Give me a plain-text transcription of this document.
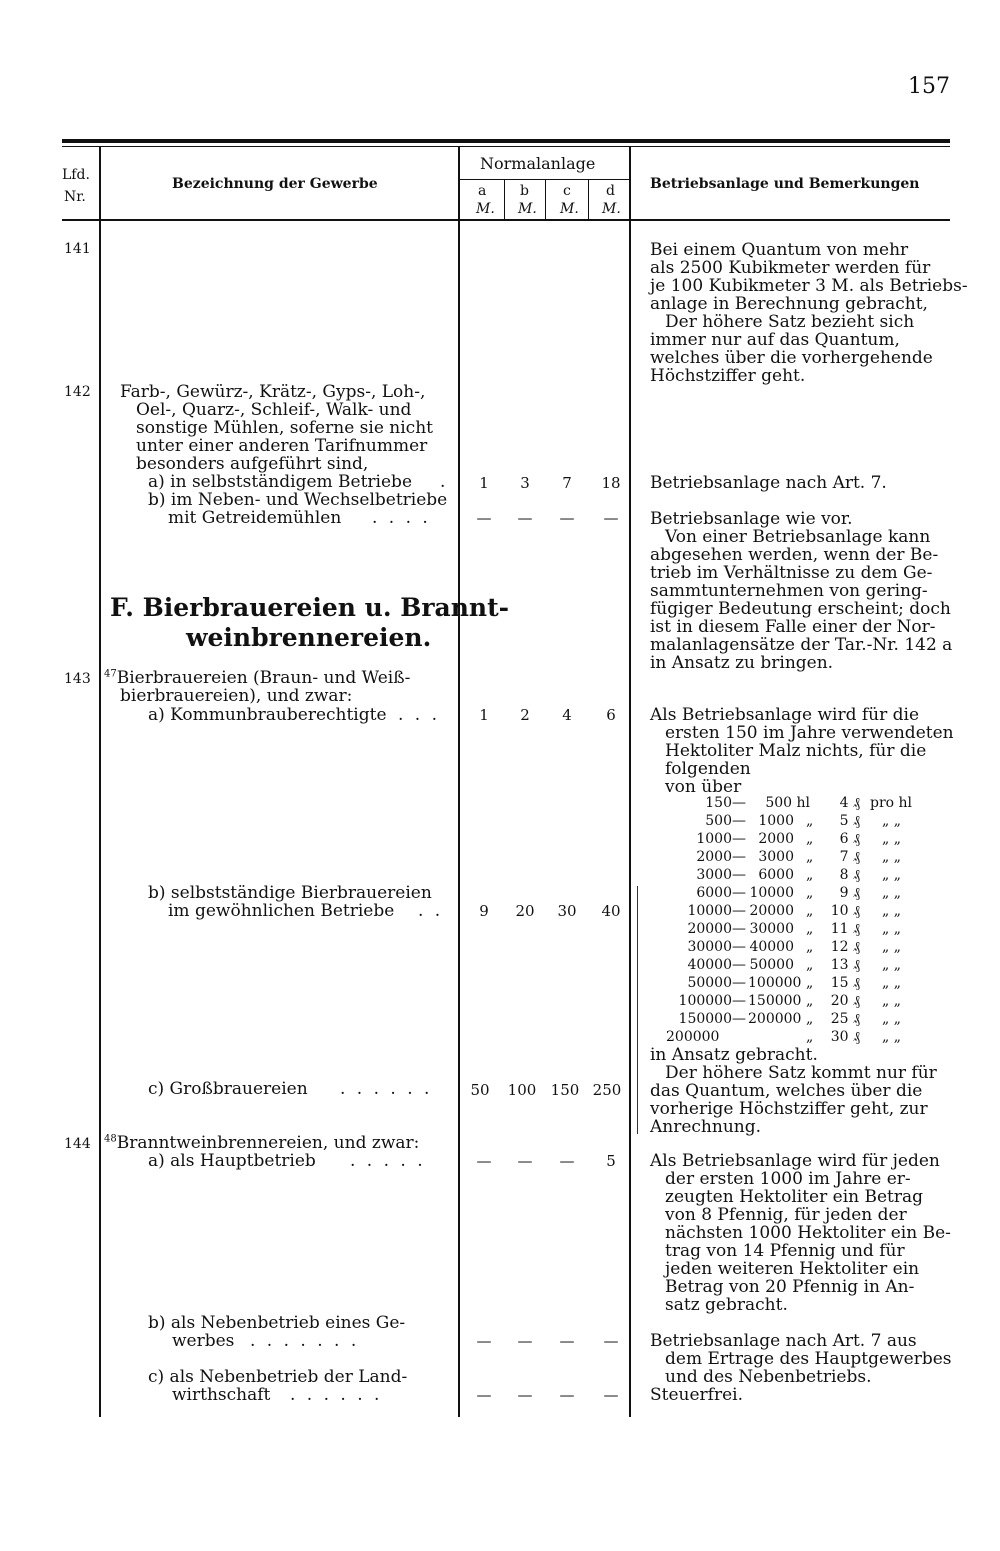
157
Lfd.
Nr.
Bezeichnung der Gewerbe
Normalanlage
a b c	d
M. M. M. M.
Betriebsanlage und Bemerkungen
141	Bei einem Quantum von mehr
als 2500 Kubikmeter werden für
je 100 Kubikmeter 3 M. als Betriebs-
anlage in Berechnung gebracht,
Der höhere Satz bezieht sich
immer nur auf das Quantum,
welches über die vorhergehende
Höchstziffer geht.
142 Farb-, Gewürz-, Krätz-, Gyps-, Loh-,
Oel-, Quarz-, Schleif-, Walk- und
sonstige Mühlen, soferne sie nicht
unter einer anderen Tarifnummer
besonders aufgeführt sind,
a) in selbstständigem Betriebe .	1	3	7	18	Betriebsanlage nach Art. 7.
b) im Neben- und Wechselbetriebe
mit Getreidemühlen . . . .	—	—	—	—	Betriebsanlage wie vor.
Von einer Betriebsanlage kann
abgesehen werden, wenn der Be-
trieb im Verhältnisse zu dem Ge-
sammtunternehmen von gering-
fügiger Bedeutung erscheint; doch
ist in diesem Falle einer der Nor-
malanlagensätze der Tar.-Nr. 142 a
in Ansatz zu bringen.
F. Bierbrauereien u. Brannt-
weinbrennereien.
143 $^{47}$Bierbrauereien (Braun- und Weiß-
bierbrauereien), und zwar:
a) Kommunbrauberechtigte . . .	1	2	4	6	Als Betriebsanlage wird für die
ersten 150 im Jahre verwendeten
Hektoliter Malz nichts, für die
folgenden
von über
150—	500 hl	4 ₰ pro hl
500— 1000 „	5 ₰ „ „
1000— 2000 „	6 ₰ „ „
2000— 3000 „	7 ₰ „ „
3000— 6000 „	8 ₰ „ „
6000— 10000 „	9 ₰ „ „
10000— 20000 „	10 ₰ „ „
20000— 30000 „	11 ₰ „ „
30000— 40000 „	12 ₰ „ „
40000— 50000 „	13 ₰ „ „
50000— 100000 „	15 ₰ „ „
100000— 150000 „	20 ₰ „ „
150000— 200000 „	25 ₰ „ „
200000	„	30 ₰ „ „
in Ansatz gebracht.
Der höhere Satz kommt nur für
das Quantum, welches über die
vorherige Höchstziffer geht, zur
Anrechnung.
b) selbstständige Bierbrauereien
im gewöhnlichen Betriebe . .	9	20	30	40
c) Großbrauereien . . . . . .	50	100 150 250
144 $^{48}$Branntweinbrennereien, und zwar:
a) als Hauptbetrieb . . . . .	—	—	—	5	Als Betriebsanlage wird für jeden
der ersten 1000 im Jahre er-
zeugten Hektoliter ein Betrag
von 8 Pfennig, für jeden der
nächsten 1000 Hektoliter ein Be-
trag von 14 Pfennig und für
jeden weiteren Hektoliter ein
Betrag von 20 Pfennig in An-
satz gebracht.
b) als Nebenbetrieb eines Ge-
werbes . . . . . . .	—	—	—	—	Betriebsanlage nach Art. 7 aus
dem Ertrage des Hauptgewerbes
und des Nebenbetriebs.
c) als Nebenbetrieb der Land-
wirthschaft . . . . . .	—	—	—	—	Steuerfrei.
